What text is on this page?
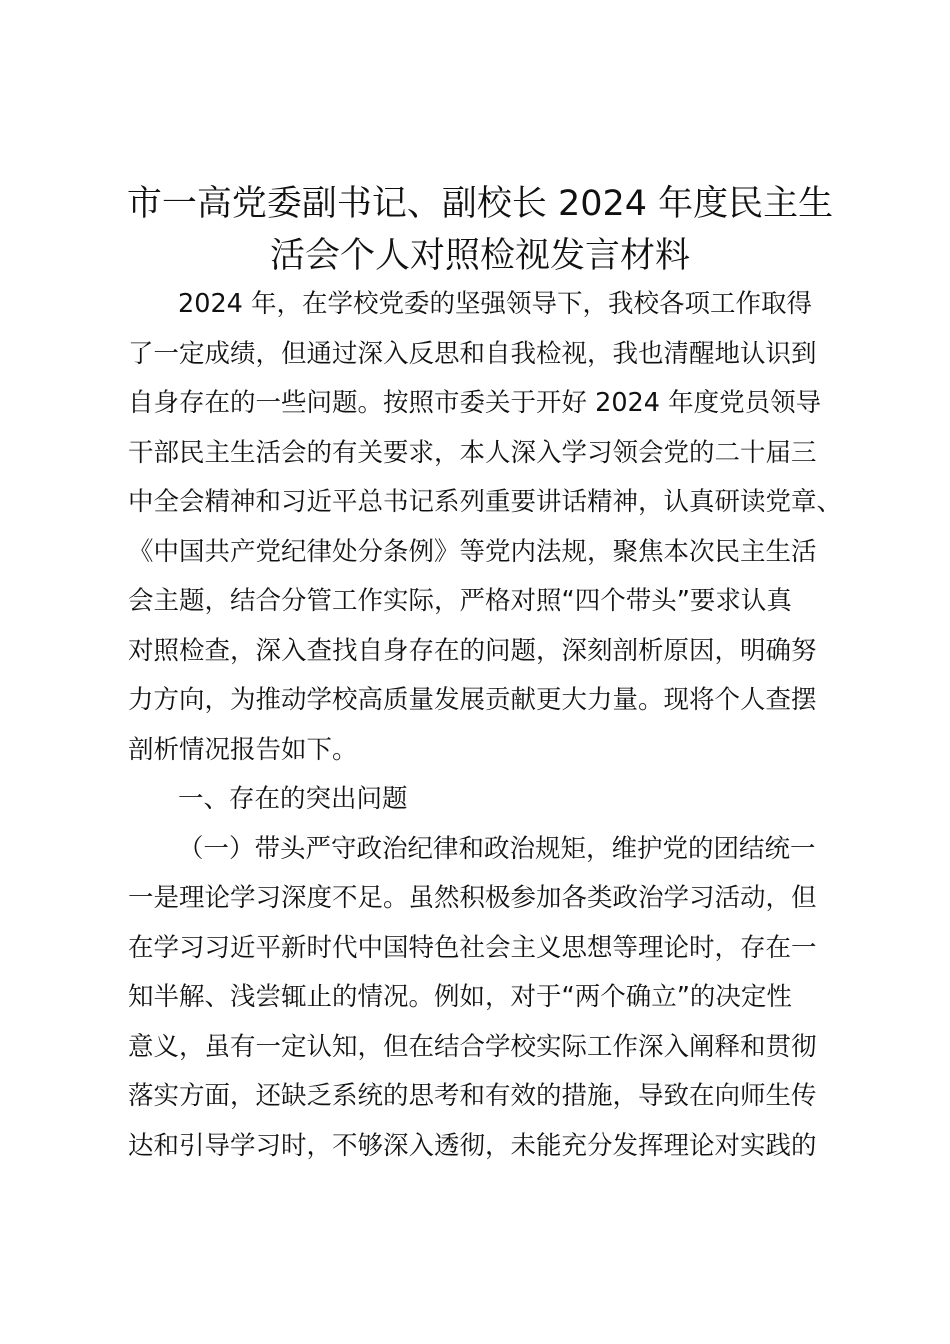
市一高党委副书记、副校长 2024 年度民主生
活会个人对照检视发言材料

2024 年，在学校党委的坚强领导下，我校各项工作取得

了一定成绩，但通过深入反思和自我检视，我也清醒地认识到

自身存在的一些问题。按照市委关于开好 2024 年度党员领导

干部民主生活会的有关要求，本人深入学习领会党的二十届三

中全会精神和习近平总书记系列重要讲话精神，认真研读党章、

《中国共产党纪律处分条例》等党内法规，聚焦本次民主生活

会主题，结合分管工作实际，严格对照“四个带头”要求认真

对照检查，深入查找自身存在的问题，深刻剖析原因，明确努

力方向，为推动学校高质量发展贡献更大力量。现将个人查摆

剖析情况报告如下。

一、存在的突出问题

（一）带头严守政治纪律和政治规矩，维护党的团结统一

一是理论学习深度不足。虽然积极参加各类政治学习活动，但

在学习习近平新时代中国特色社会主义思想等理论时，存在一

知半解、浅尝辄止的情况。例如，对于“两个确立”的决定性

意义，虽有一定认知，但在结合学校实际工作深入阐释和贯彻

落实方面，还缺乏系统的思考和有效的措施，导致在向师生传

达和引导学习时，不够深入透彻，未能充分发挥理论对实践的
